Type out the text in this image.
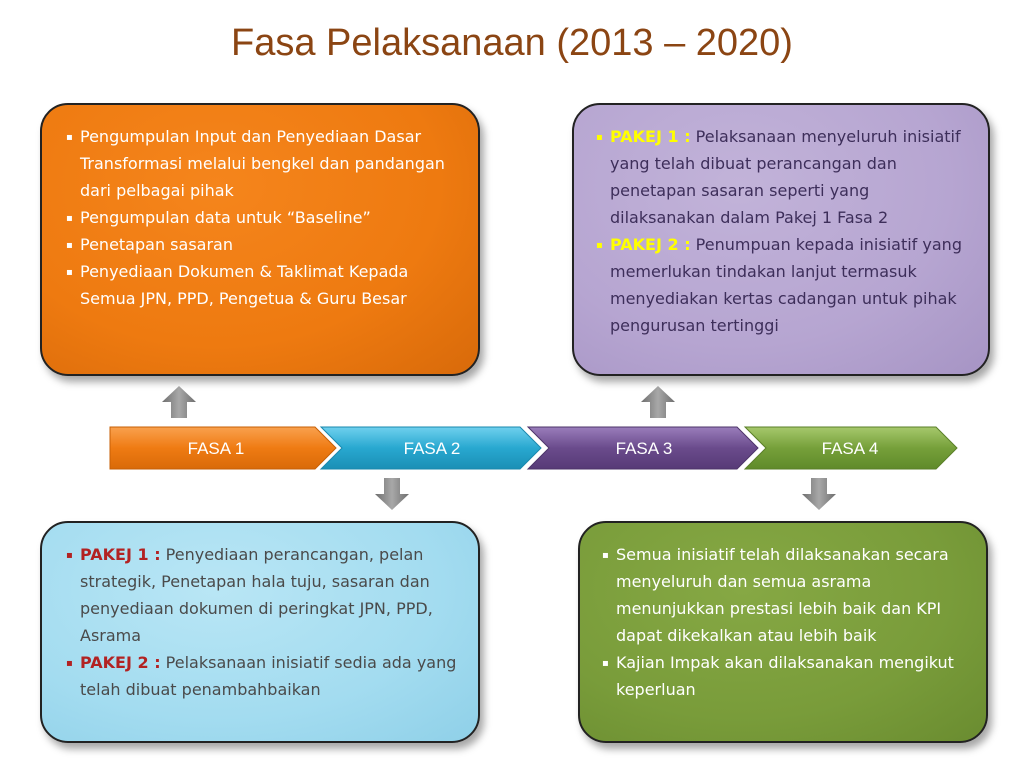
Fasa Pelaksanaan (2013 – 2020)
FASA 1	FASA 2	FASA 3	FASA 4
▪ Pengumpulan Input dan Penyediaan Dasar Transformasi melalui bengkel dan pandangan dari pelbagai pihak
▪ Pengumpulan data untuk “Baseline”
▪ Penetapan sasaran
▪ Penyediaan Dokumen & Taklimat Kepada Semua JPN, PPD, Pengetua & Guru Besar
▪ PAKEJ 1 : Pelaksanaan menyeluruh inisiatif yang telah dibuat perancangan dan penetapan sasaran seperti yang dilaksanakan dalam Pakej 1 Fasa 2
▪ PAKEJ 2 : Penumpuan kepada inisiatif yang memerlukan tindakan lanjut termasuk menyediakan kertas cadangan untuk pihak pengurusan tertinggi
▪ PAKEJ 1 : Penyediaan perancangan, pelan strategik, Penetapan hala tuju, sasaran dan penyediaan dokumen di peringkat JPN, PPD, Asrama
▪ PAKEJ 2 : Pelaksanaan inisiatif sedia ada yang telah dibuat penambahbaikan
▪ Semua inisiatif telah dilaksanakan secara menyeluruh dan semua asrama menunjukkan prestasi lebih baik dan KPI dapat dikekalkan atau lebih baik
▪ Kajian Impak akan dilaksanakan mengikut keperluan
